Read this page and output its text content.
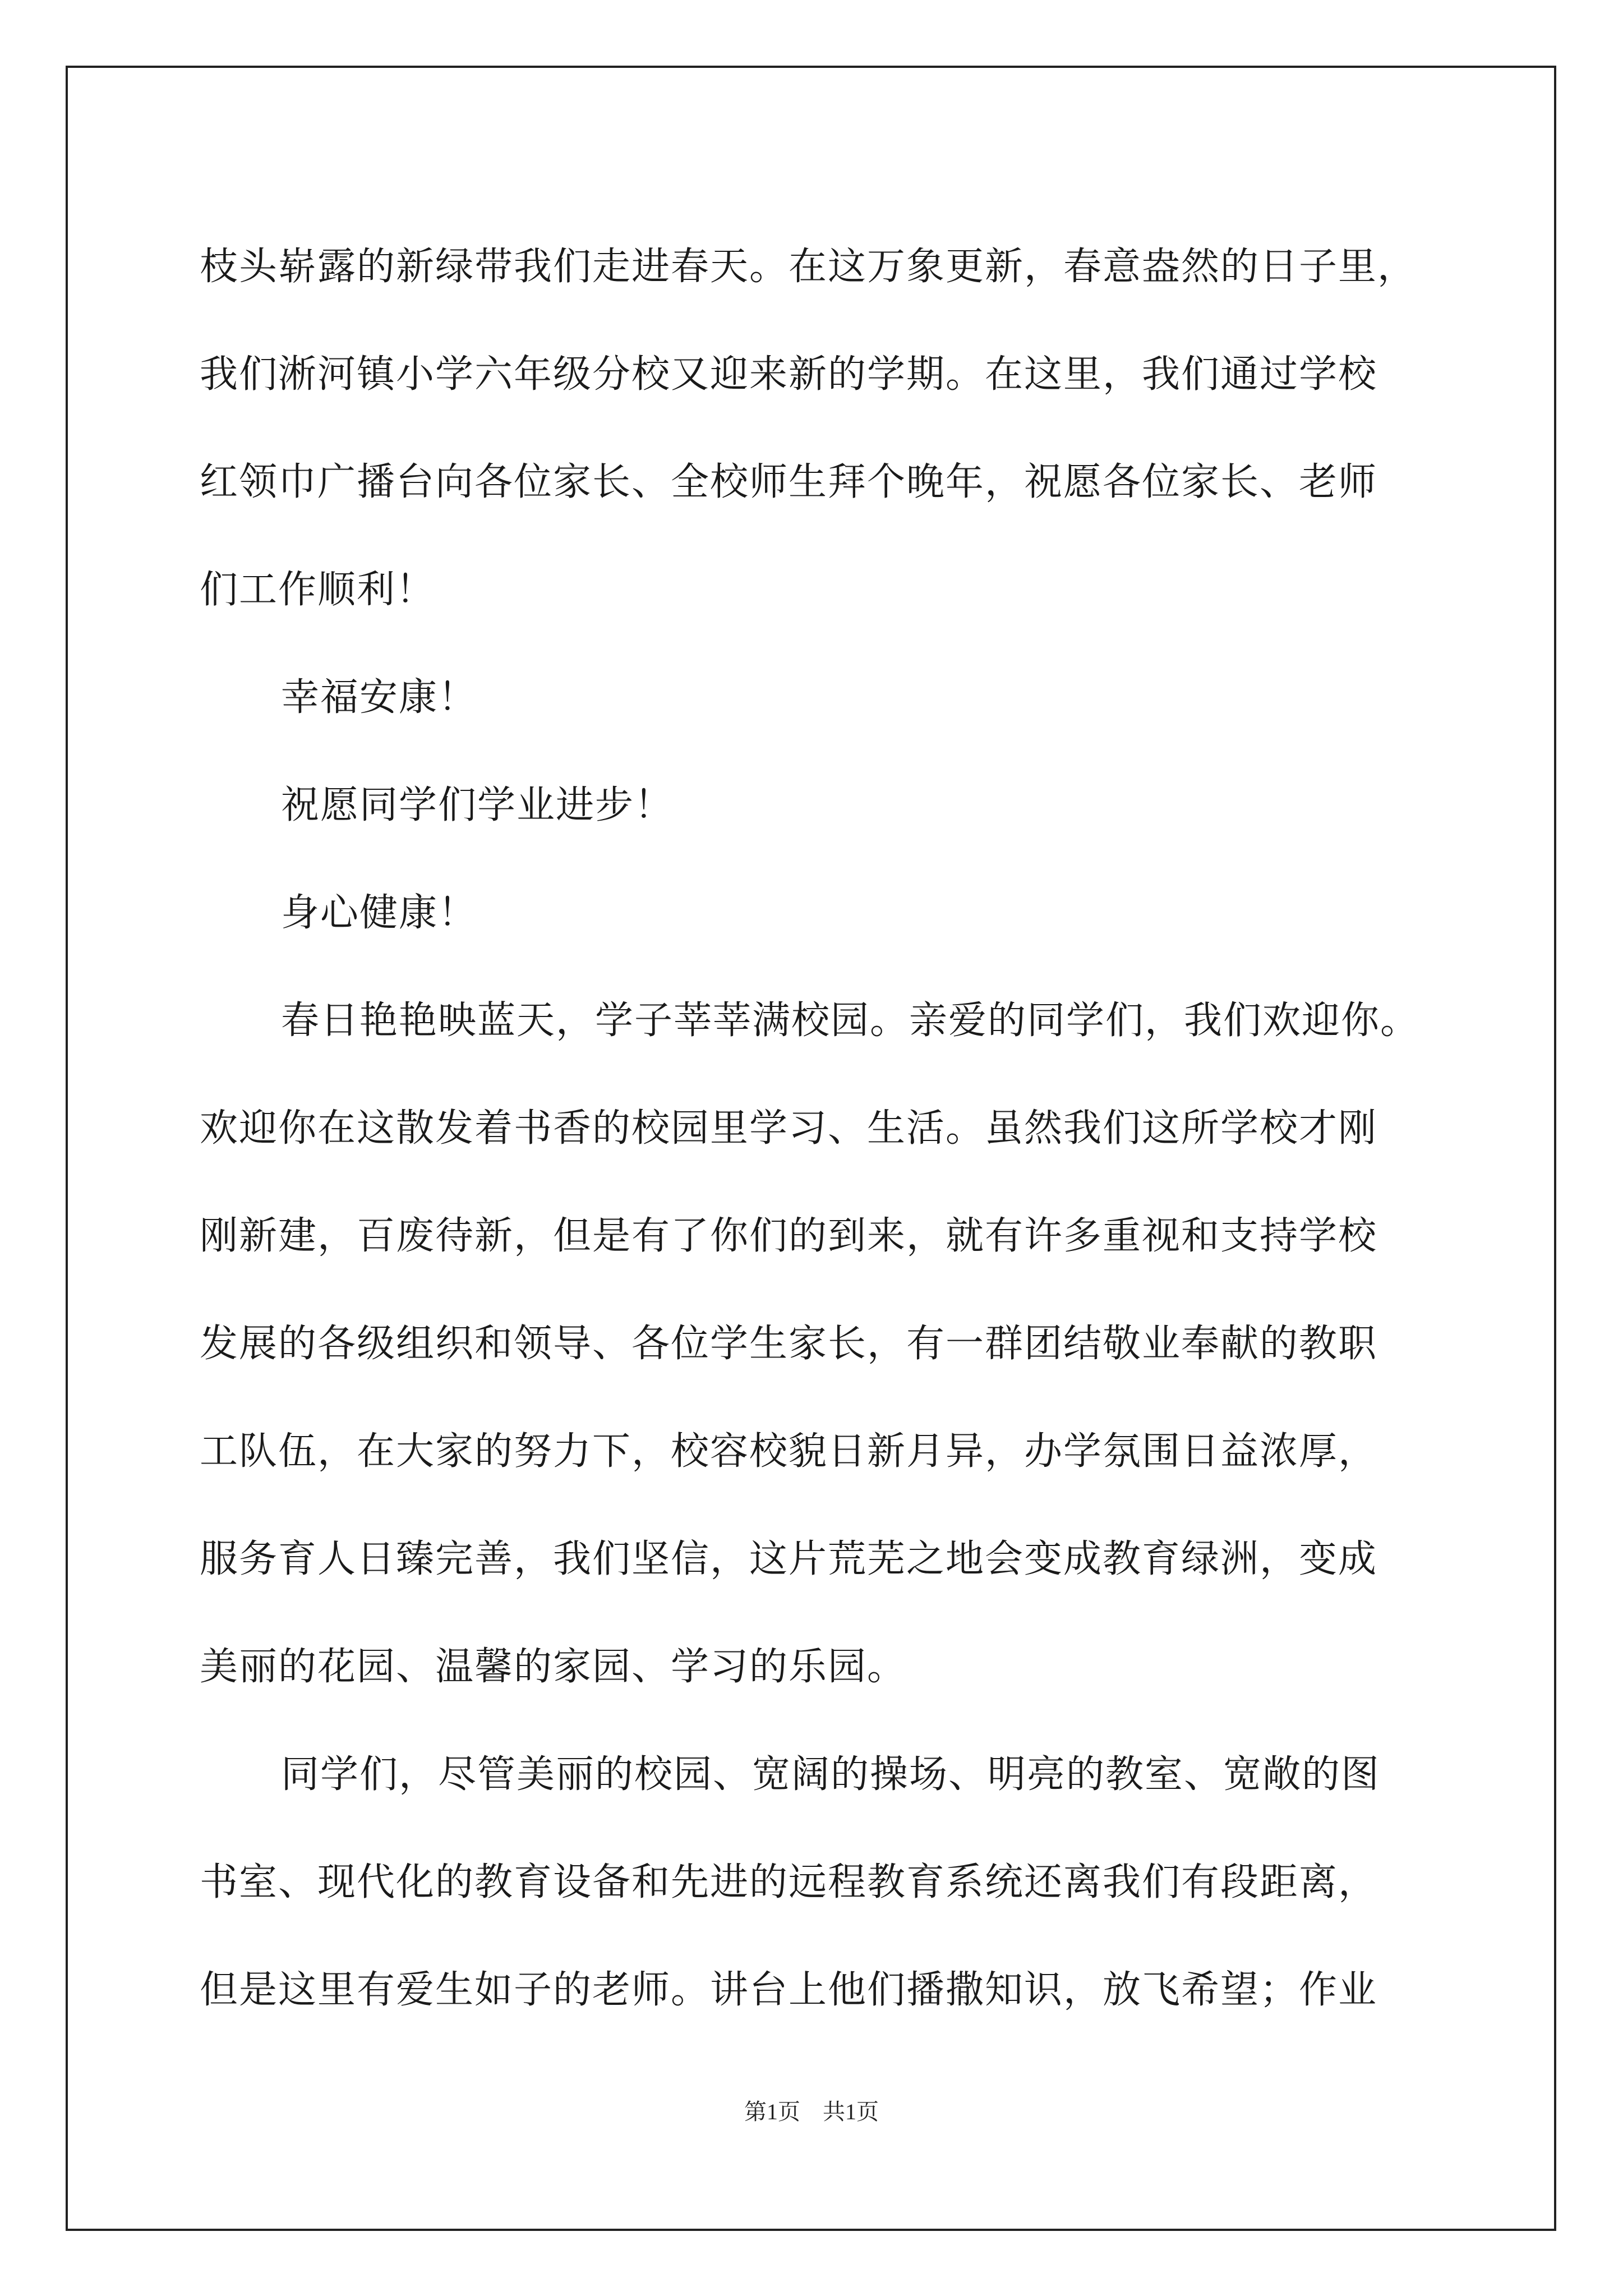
枝头崭露的新绿带我们走进春天。在这万象更新，春意盎然的日子里，
我们淅河镇小学六年级分校又迎来新的学期。在这里，我们通过学校
红领巾广播台向各位家长、全校师生拜个晚年，祝愿各位家长、老师
们工作顺利！
幸福安康！
祝愿同学们学业进步！
身心健康！
春日艳艳映蓝天，学子莘莘满校园。亲爱的同学们，我们欢迎你。
欢迎你在这散发着书香的校园里学习、生活。虽然我们这所学校才刚
刚新建，百废待新，但是有了你们的到来，就有许多重视和支持学校
发展的各级组织和领导、各位学生家长，有一群团结敬业奉献的教职
工队伍，在大家的努力下，校容校貌日新月异，办学氛围日益浓厚，
服务育人日臻完善，我们坚信，这片荒芜之地会变成教育绿洲，变成
美丽的花园、温馨的家园、学习的乐园。
同学们，尽管美丽的校园、宽阔的操场、明亮的教室、宽敞的图
书室、现代化的教育设备和先进的远程教育系统还离我们有段距离，
但是这里有爱生如子的老师。讲台上他们播撒知识，放飞希望；作业
第1页 共1页
